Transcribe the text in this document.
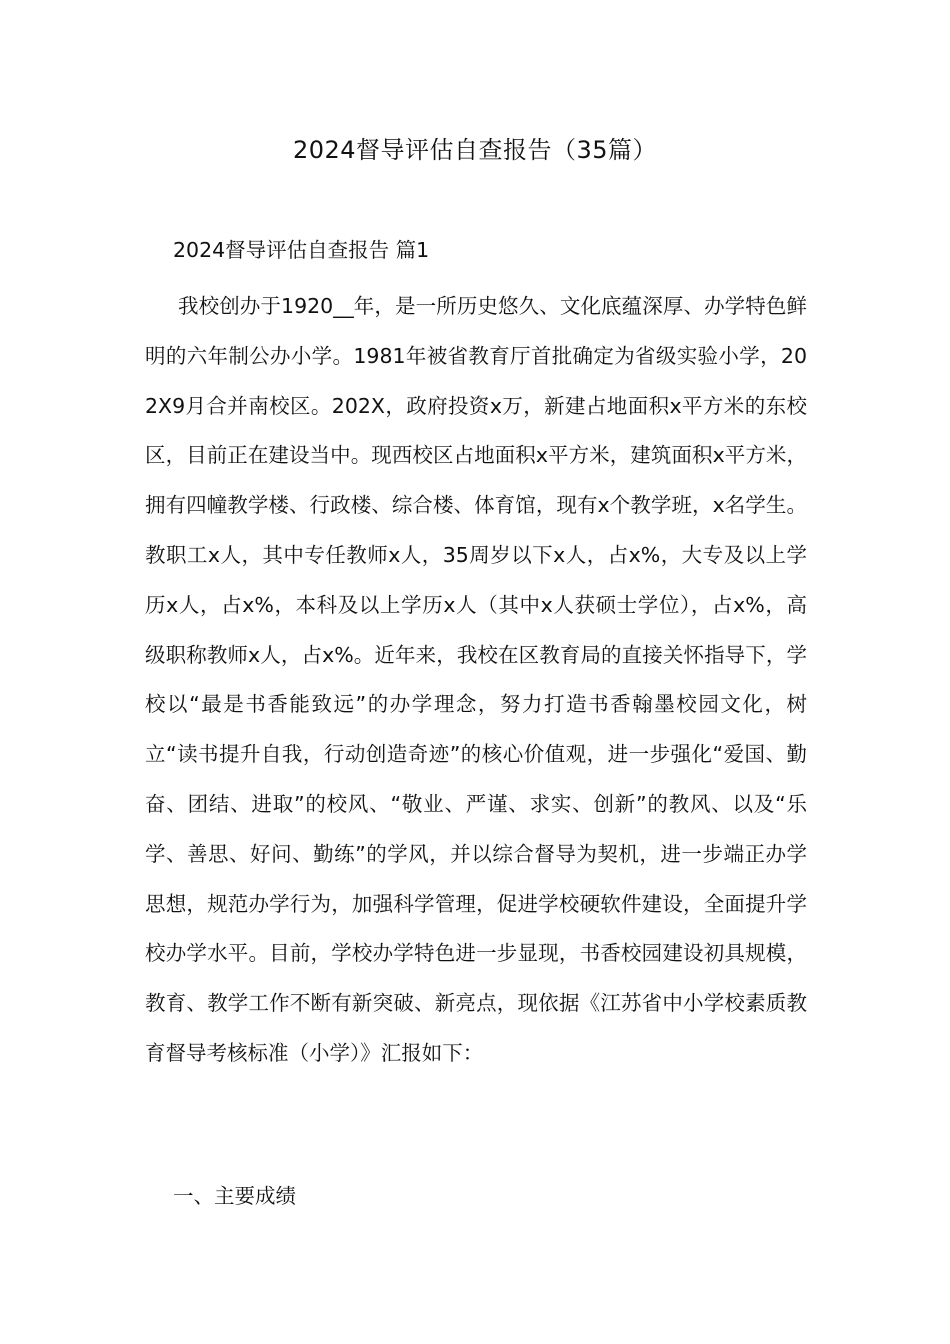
2024督导评估自查报告（35篇）

2024督导评估自查报告 篇1

我校创办于1920__年，是一所历史悠久、文化底蕴深厚、办学特色鲜明的六年制公办小学。1981年被省教育厅首批确定为省级实验小学，202X9月合并南校区。202X，政府投资x万，新建占地面积x平方米的东校区，目前正在建设当中。现西校区占地面积x平方米，建筑面积x平方米，拥有四幢教学楼、行政楼、综合楼、体育馆，现有x个教学班，x名学生。教职工x人，其中专任教师x人，35周岁以下x人，占x%，大专及以上学历x人，占x%，本科及以上学历x人（其中x人获硕士学位），占x%，高级职称教师x人，占x%。近年来，我校在区教育局的直接关怀指导下，学校以“最是书香能致远”的办学理念，努力打造书香翰墨校园文化，树立“读书提升自我，行动创造奇迹”的核心价值观，进一步强化“爱国、勤奋、团结、进取”的校风、“敬业、严谨、求实、创新”的教风、以及“乐学、善思、好问、勤练”的学风，并以综合督导为契机，进一步端正办学思想，规范办学行为，加强科学管理，促进学校硬软件建设，全面提升学校办学水平。目前，学校办学特色进一步显现，书香校园建设初具规模，教育、教学工作不断有新突破、新亮点，现依据《江苏省中小学校素质教育督导考核标准（小学）》汇报如下：

一、主要成绩
